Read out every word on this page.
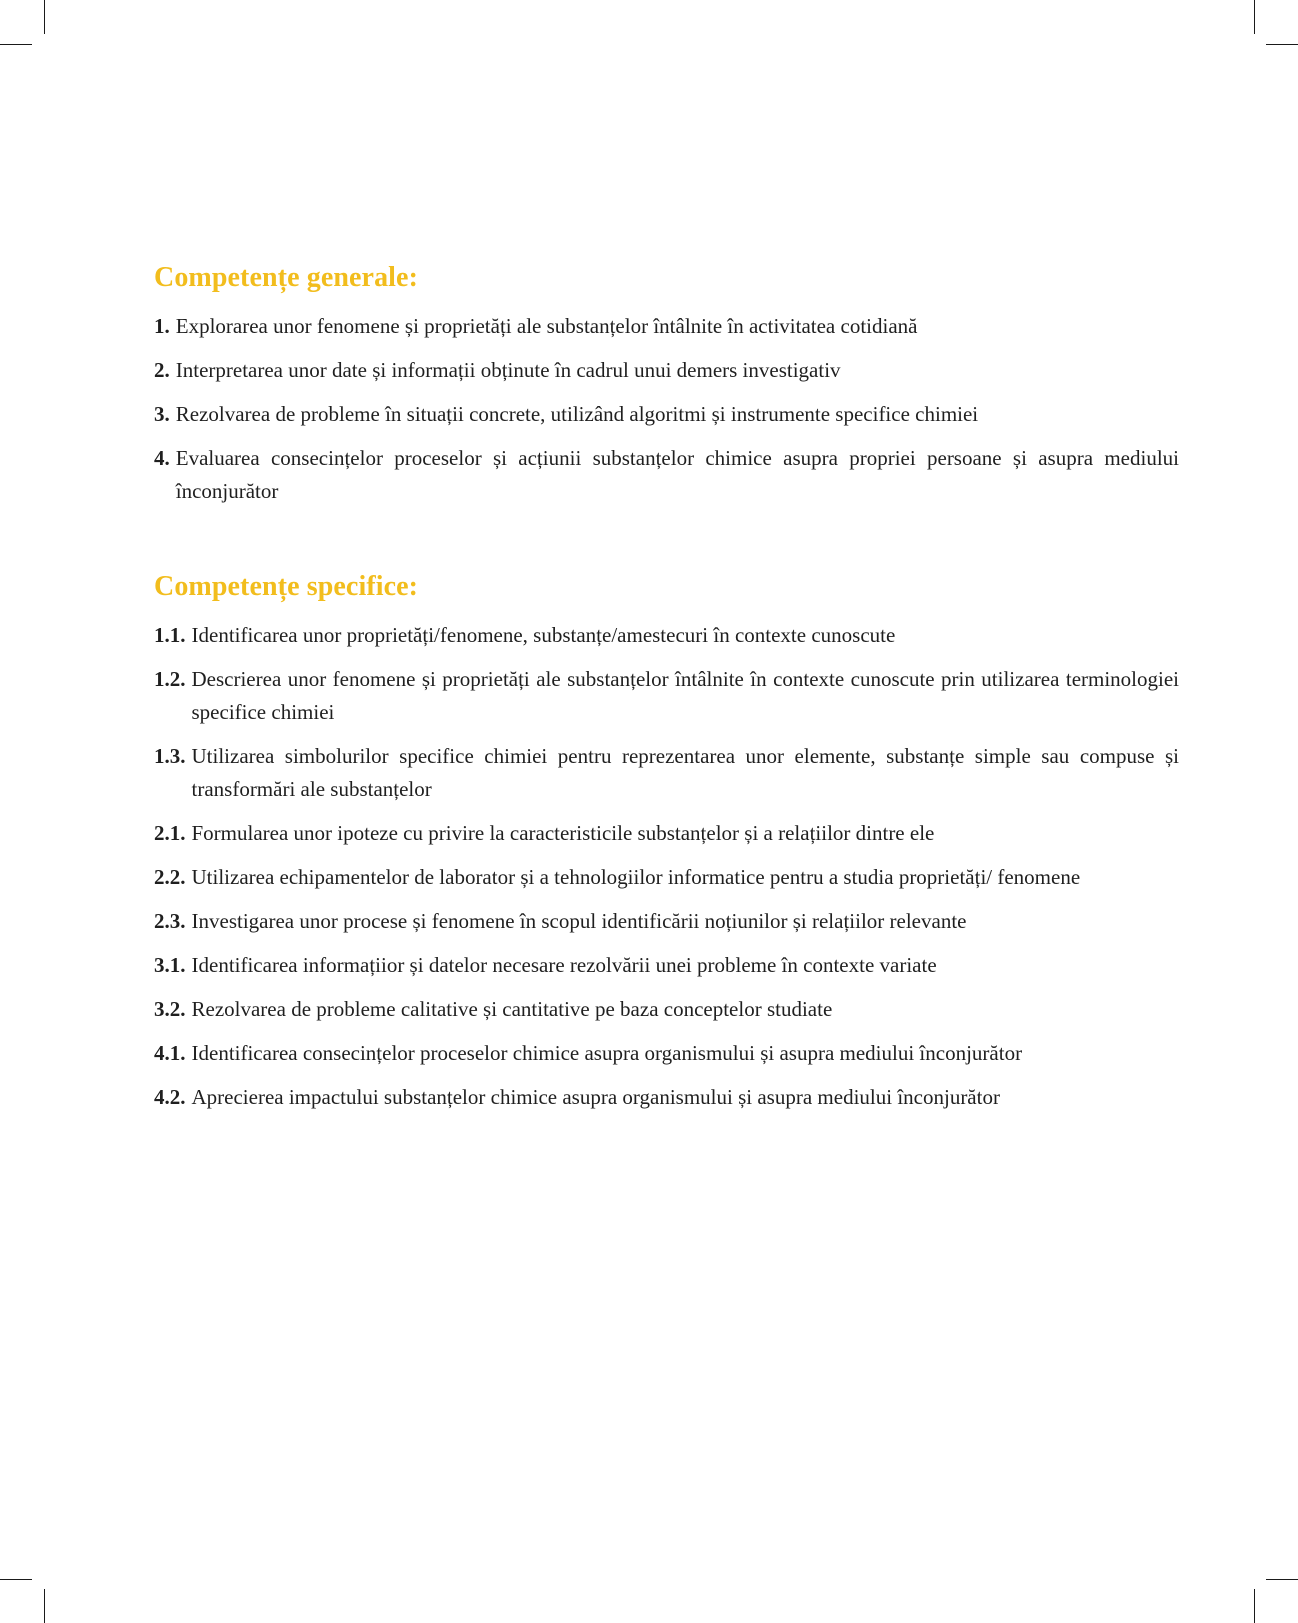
Competențe generale:
1. Explorarea unor fenomene și proprietăți ale substanțelor întâlnite în activitatea cotidiană
2. Interpretarea unor date și informații obținute în cadrul unui demers investigativ
3. Rezolvarea de probleme în situații concrete, utilizând algoritmi și instrumente specifice chimiei
4. Evaluarea consecințelor proceselor și acțiunii substanțelor chimice asupra propriei persoane și asupra mediului înconjurător
Competențe specifice:
1.1. Identificarea unor proprietăți/fenomene, substanțe/amestecuri în contexte cunoscute
1.2. Descrierea unor fenomene și proprietăți ale substanțelor întâlnite în contexte cunoscute prin utilizarea terminologiei specifice chimiei
1.3. Utilizarea simbolurilor specifice chimiei pentru reprezentarea unor elemente, substanțe simple sau compuse și transformări ale substanțelor
2.1. Formularea unor ipoteze cu privire la caracteristicile substanțelor și a relațiilor dintre ele
2.2. Utilizarea echipamentelor de laborator și a tehnologiilor informatice pentru a studia proprietăți/ fenomene
2.3. Investigarea unor procese și fenomene în scopul identificării noțiunilor și relațiilor relevante
3.1. Identificarea informațiior și datelor necesare rezolvării unei probleme în contexte variate
3.2. Rezolvarea de probleme calitative și cantitative pe baza conceptelor studiate
4.1. Identificarea consecințelor proceselor chimice asupra organismului și asupra mediului înconjurător
4.2. Aprecierea impactului substanțelor chimice asupra organismului și asupra mediului înconjurător
